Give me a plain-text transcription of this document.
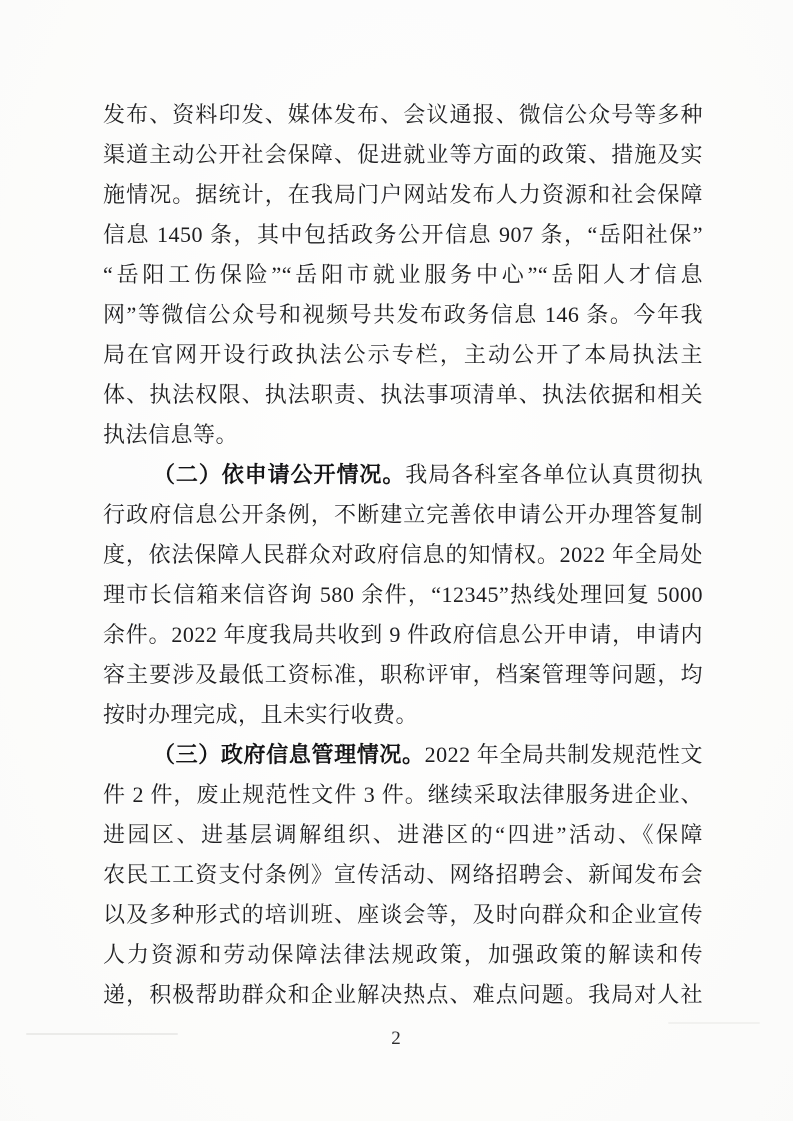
发布、资料印发、媒体发布、会议通报、微信公众号等多种
渠道主动公开社会保障、促进就业等方面的政策、措施及实
施情况。据统计，在我局门户网站发布人力资源和社会保障
信息 1450 条，其中包括政务公开信息 907 条，“岳阳社保”
“岳阳工伤保险”“岳阳市就业服务中心”“岳阳人才信息
网”等微信公众号和视频号共发布政务信息 146 条。今年我
局在官网开设行政执法公示专栏，主动公开了本局执法主
体、执法权限、执法职责、执法事项清单、执法依据和相关
执法信息等。
（二）依申请公开情况。我局各科室各单位认真贯彻执
行政府信息公开条例，不断建立完善依申请公开办理答复制
度，依法保障人民群众对政府信息的知情权。2022 年全局处
理市长信箱来信咨询 580 余件，“12345”热线处理回复 5000
余件。2022 年度我局共收到 9 件政府信息公开申请，申请内
容主要涉及最低工资标准，职称评审，档案管理等问题，均
按时办理完成，且未实行收费。
（三）政府信息管理情况。2022 年全局共制发规范性文
件 2 件，废止规范性文件 3 件。继续采取法律服务进企业、
进园区、进基层调解组织、进港区的“四进”活动、《保障
农民工工资支付条例》宣传活动、网络招聘会、新闻发布会
以及多种形式的培训班、座谈会等，及时向群众和企业宣传
人力资源和劳动保障法律法规政策，加强政策的解读和传
递，积极帮助群众和企业解决热点、难点问题。我局对人社
2
